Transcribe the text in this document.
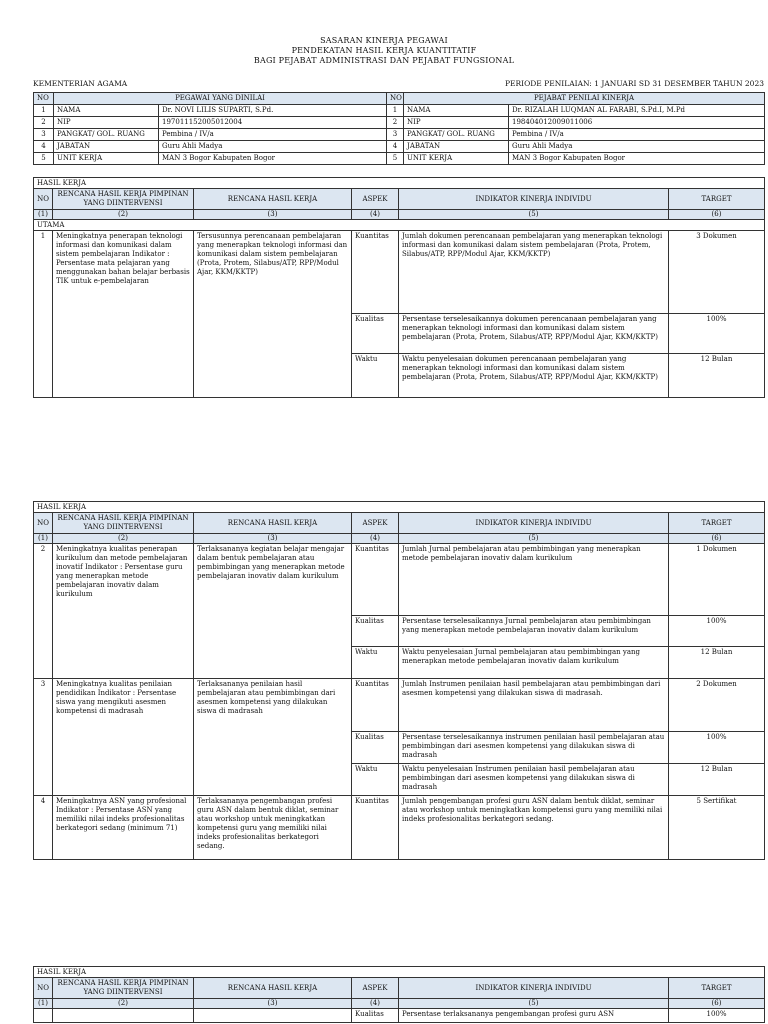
SASARAN KINERJA PEGAWAI
PENDEKATAN HASIL KERJA KUANTITATIF
BAGI PEJABAT ADMINISTRASI DAN PEJABAT FUNGSIONAL
KEMENTERIAN AGAMA	PERIODE PENILAIAN: 1 JANUARI SD 31 DESEMBER TAHUN 2023
NO	PEGAWAI YANG DINILAI		NO	PEJABAT PENILAI KINERJA	
1	NAMA	Dr. NOVI LILIS SUPARTI, S.Pd.	1	NAMA	Dr. RIZALAH LUQMAN AL FARABI, S.Pd.I, M.Pd
2	NIP	197011152005012004	2	NIP	198404012009011006
3	PANGKAT/ GOL. RUANG	Pembina / IV/a	3	PANGKAT/ GOL. RUANG	Pembina / IV/a
4	JABATAN	Guru Ahli Madya	4	JABATAN	Guru Ahli Madya
5	UNIT KERJA	MAN 3 Bogor Kabupaten Bogor	5	UNIT KERJA	MAN 3 Bogor Kabupaten Bogor
HASIL KERJA					
NO	RENCANA HASIL KERJA PIMPINAN YANG DIINTERVENSI	RENCANA HASIL KERJA	ASPEK	INDIKATOR KINERJA INDIVIDU	TARGET
(1)	(2)	(3)	(4)	(5)	(6)
UTAMA					
1	Meningkatnya penerapan teknologi informasi dan komunikasi dalam sistem pembelajaran Indikator : Persentase mata pelajaran yang menggunakan bahan belajar berbasis TIK untuk e-pembelajaran	Tersusunnya perencanaan pembelajaran yang menerapkan teknologi informasi dan komunikasi dalam sistem pembelajaran (Prota, Protem, Silabus/ATP, RPP/Modul Ajar, KKM/KKTP)	Kuantitas	Jumlah dokumen perencanaan pembelajaran yang menerapkan teknologi informasi dan komunikasi dalam sistem pembelajaran (Prota, Protem, Silabus/ATP, RPP/Modul Ajar, KKM/KKTP)	3 Dokumen
			Kualitas	Persentase terselesaikannya dokumen perencanaan pembelajaran yang menerapkan teknologi informasi dan komunikasi dalam sistem pembelajaran (Prota, Protem, Silabus/ATP, RPP/Modul Ajar, KKM/KKTP)	100%
			Waktu	Waktu penyelesaian dokumen perencanaan pembelajaran yang menerapkan teknologi informasi dan komunikasi dalam sistem pembelajaran (Prota, Protem, Silabus/ATP, RPP/Modul Ajar, KKM/KKTP)	12 Bulan
HASIL KERJA					
NO	RENCANA HASIL KERJA PIMPINAN YANG DIINTERVENSI	RENCANA HASIL KERJA	ASPEK	INDIKATOR KINERJA INDIVIDU	TARGET
(1)	(2)	(3)	(4)	(5)	(6)
2	Meningkatnya kualitas penerapan kurikulum dan metode pembelajaran inovatif Indikator : Persentase guru yang menerapkan metode pembelajaran inovativ dalam kurikulum	Terlaksananya kegiatan belajar mengajar dalam bentuk pembelajaran atau pembimbingan yang menerapkan metode pembelajaran inovativ dalam kurikulum	Kuantitas	Jumlah Jurnal pembelajaran atau pembimbingan yang menerapkan metode pembelajaran inovativ dalam kurikulum	1 Dokumen
			Kualitas	Persentase terselesaikannya Jurnal pembelajaran atau pembimbingan yang menerapkan metode pembelajaran inovativ dalam kurikulum	100%
			Waktu	Waktu penyelesaian Jurnal pembelajaran atau pembimbingan yang menerapkan metode pembelajaran inovativ dalam kurikulum	12 Bulan
3	Meningkatnya kualitas penilaian pendidikan Indikator : Persentase siswa yang mengikuti asesmen kompetensi di madrasah	Terlaksananya penilaian hasil pembelajaran atau pembimbingan dari asesmen kompetensi yang dilakukan siswa di madrasah	Kuantitas	Jumlah Instrumen penilaian hasil pembelajaran atau pembimbingan dari asesmen kompetensi yang dilakukan siswa di madrasah.	2 Dokumen
			Kualitas	Persentase terselesaikannya instrumen penilaian hasil pembelajaran atau pembimbingan dari asesmen kompetensi yang dilakukan siswa di madrasah	100%
			Waktu	Waktu penyelesaian Instrumen penilaian hasil pembelajaran atau pembimbingan dari asesmen kompetensi yang dilakukan siswa di madrasah	12 Bulan
4	Meningkatnya ASN yang profesional Indikator : Persentase ASN yang memiliki nilai indeks profesionalitas berkategori sedang (minimum 71)	Terlaksananya pengembangan profesi guru ASN dalam bentuk diklat, seminar atau workshop untuk meningkatkan kompetensi guru yang memiliki nilai indeks profesionalitas berkategori sedang.	Kuantitas	Jumlah pengembangan profesi guru ASN dalam bentuk diklat, seminar atau workshop untuk meningkatkan kompetensi guru yang memiliki nilai indeks profesionalitas berkategori sedang.	5 Sertifikat
HASIL KERJA					
NO	RENCANA HASIL KERJA PIMPINAN YANG DIINTERVENSI	RENCANA HASIL KERJA	ASPEK	INDIKATOR KINERJA INDIVIDU	TARGET
(1)	(2)	(3)	(4)	(5)	(6)
			Kualitas	Persentase terlaksananya pengembangan profesi guru ASN	100%
